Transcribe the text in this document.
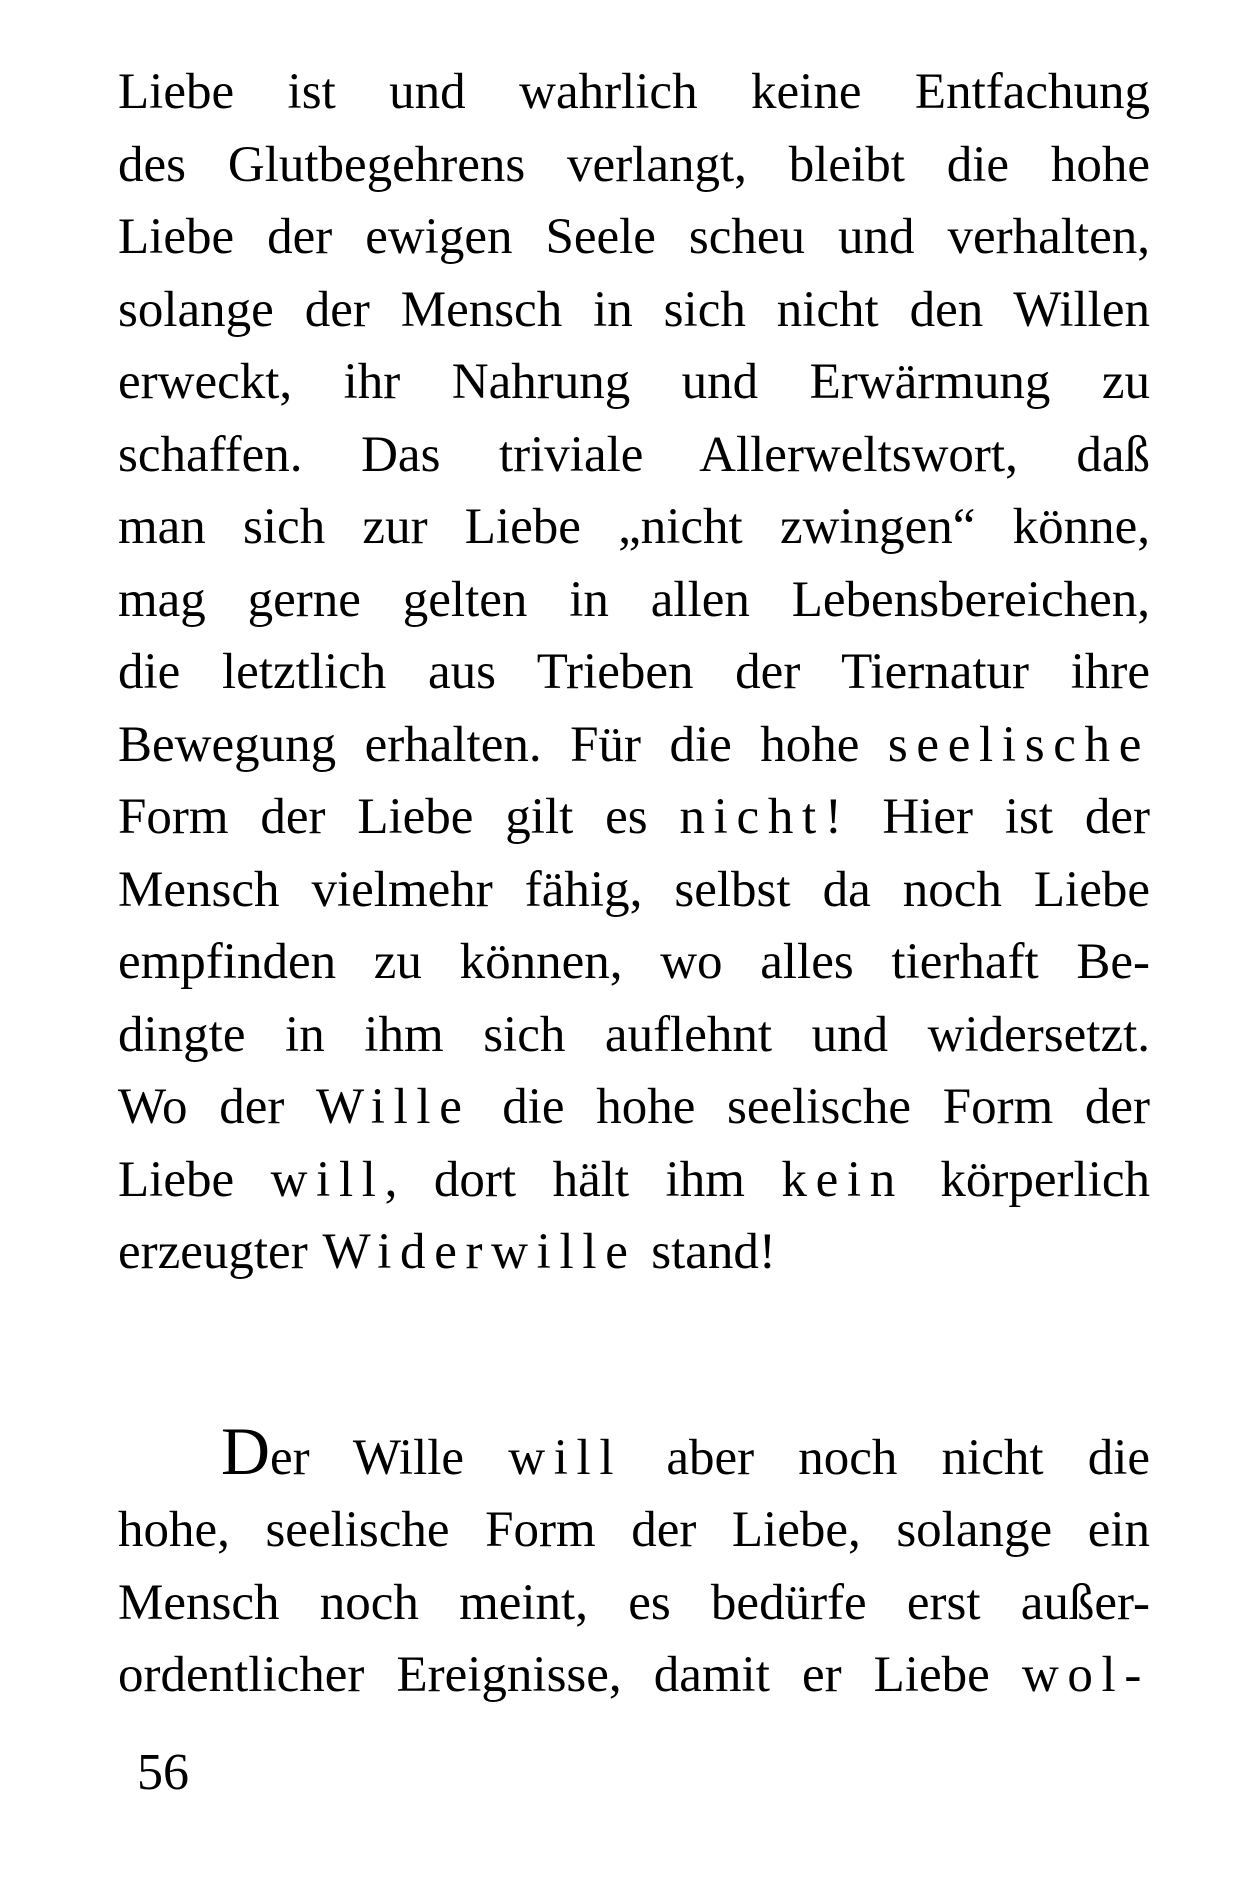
Liebe ist und wahrlich keine Entfachung
des Glutbegehrens verlangt, bleibt die hohe
Liebe der ewigen Seele scheu und verhalten,
solange der Mensch in sich nicht den Willen
erweckt, ihr Nahrung und Erwärmung zu
schaffen. Das triviale Allerweltswort, daß
man sich zur Liebe „nicht zwingen“ könne,
mag gerne gelten in allen Lebensbereichen,
die letztlich aus Trieben der Tiernatur ihre
Bewegung erhalten. Für die hohe seelische
Form der Liebe gilt es nicht! Hier ist der
Mensch vielmehr fähig, selbst da noch Liebe
empfinden zu können, wo alles tierhaft Be-
dingte in ihm sich auflehnt und widersetzt.
Wo der Wille die hohe seelische Form der
Liebe will, dort hält ihm kein körperlich
erzeugter Widerwille stand!
Der Wille will aber noch nicht die
hohe, seelische Form der Liebe, solange ein
Mensch noch meint, es bedürfe erst außer-
ordentlicher Ereignisse, damit er Liebe wol-
56
